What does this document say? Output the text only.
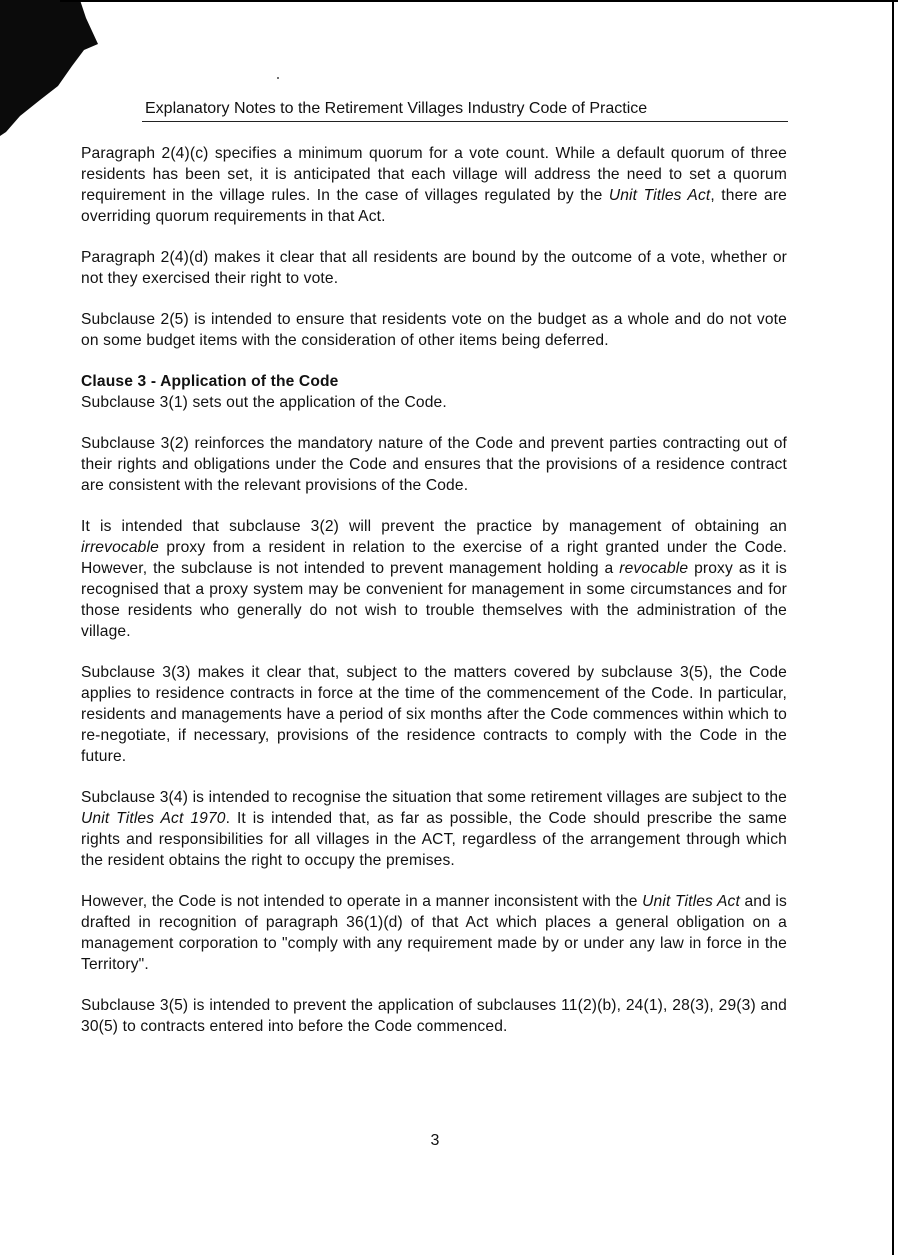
Explanatory Notes to the Retirement Villages Industry Code of Practice

Paragraph 2(4)(c) specifies a minimum quorum for a vote count. While a default quorum of three residents has been set, it is anticipated that each village will address the need to set a quorum requirement in the village rules. In the case of villages regulated by the Unit Titles Act, there are overriding quorum requirements in that Act.

Paragraph 2(4)(d) makes it clear that all residents are bound by the outcome of a vote, whether or not they exercised their right to vote.

Subclause 2(5) is intended to ensure that residents vote on the budget as a whole and do not vote on some budget items with the consideration of other items being deferred.

Clause 3 - Application of the Code

Subclause 3(1) sets out the application of the Code.

Subclause 3(2) reinforces the mandatory nature of the Code and prevent parties contracting out of their rights and obligations under the Code and ensures that the provisions of a residence contract are consistent with the relevant provisions of the Code.

It is intended that subclause 3(2) will prevent the practice by management of obtaining an irrevocable proxy from a resident in relation to the exercise of a right granted under the Code. However, the subclause is not intended to prevent management holding a revocable proxy as it is recognised that a proxy system may be convenient for management in some circumstances and for those residents who generally do not wish to trouble themselves with the administration of the village.

Subclause 3(3) makes it clear that, subject to the matters covered by subclause 3(5), the Code applies to residence contracts in force at the time of the commencement of the Code. In particular, residents and managements have a period of six months after the Code commences within which to re-negotiate, if necessary, provisions of the residence contracts to comply with the Code in the future.

Subclause 3(4) is intended to recognise the situation that some retirement villages are subject to the Unit Titles Act 1970. It is intended that, as far as possible, the Code should prescribe the same rights and responsibilities for all villages in the ACT, regardless of the arrangement through which the resident obtains the right to occupy the premises.

However, the Code is not intended to operate in a manner inconsistent with the Unit Titles Act and is drafted in recognition of paragraph 36(1)(d) of that Act which places a general obligation on a management corporation to "comply with any requirement made by or under any law in force in the Territory".

Subclause 3(5) is intended to prevent the application of subclauses 11(2)(b), 24(1), 28(3), 29(3) and 30(5) to contracts entered into before the Code commenced.

3
